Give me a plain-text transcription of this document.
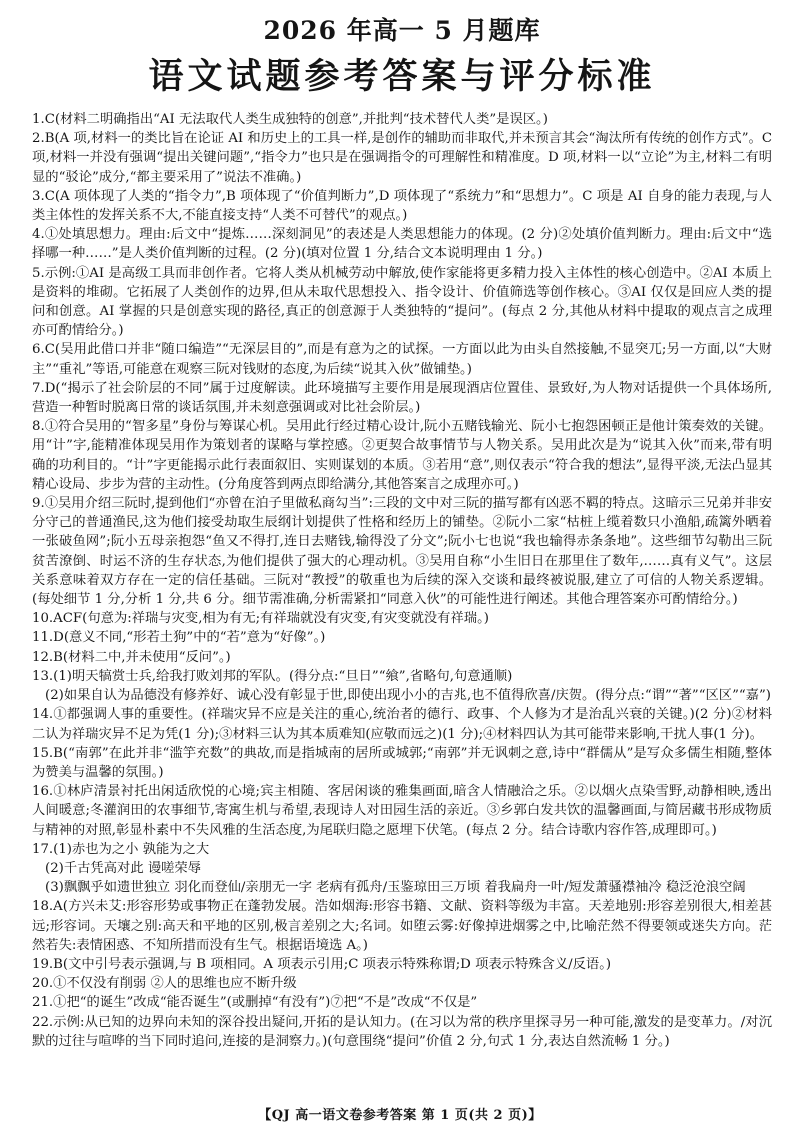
2026 年高一 5 月题库
语文试题参考答案与评分标准
1.C(材料二明确指出“AI 无法取代人类生成独特的创意”,并批判“技术替代人类”是误区。)
2.B(A 项,材料一的类比旨在论证 AI 和历史上的工具一样,是创作的辅助而非取代,并未预言其会“淘汰所有传统的创作方式”。C 项,材料一并没有强调“提出关键问题”,“指令力”也只是在强调指令的可理解性和精准度。D 项,材料一以“立论”为主,材料二有明显的“驳论”成分,“都主要采用了”说法不准确。)
3.C(A 项体现了人类的“指令力”,B 项体现了“价值判断力”,D 项体现了“系统力”和“思想力”。C 项是 AI 自身的能力表现,与人类主体性的发挥关系不大,不能直接支持“人类不可替代”的观点。)
4.①处填思想力。理由:后文中“提炼……深刻洞见”的表述是人类思想能力的体现。(2 分)②处填价值判断力。理由:后文中“选择哪一种……”是人类价值判断的过程。(2 分)(填对位置 1 分,结合文本说明理由 1 分。)
5.示例:①AI 是高级工具而非创作者。它将人类从机械劳动中解放,使作家能将更多精力投入主体性的核心创造中。②AI 本质上是资料的堆砌。它拓展了人类创作的边界,但从未取代思想投入、指令设计、价值筛选等创作核心。③AI 仅仅是回应人类的提问和创意。AI 掌握的只是创意实现的路径,真正的创意源于人类独特的“提问”。(每点 2 分,其他从材料中提取的观点言之成理亦可酌情给分。)
6.C(吴用此借口并非“随口编造”“无深层目的”,而是有意为之的试探。一方面以此为由头自然接触,不显突兀;另一方面,以“大财主”“重礼”等语,可能意在观察三阮对钱财的态度,为后续“说其入伙”做铺垫。)
7.D(“揭示了社会阶层的不同”属于过度解读。此环境描写主要作用是展现酒店位置佳、景致好,为人物对话提供一个具体场所,营造一种暂时脱离日常的谈话氛围,并未刻意强调或对比社会阶层。)
8.①符合吴用的“智多星”身份与筹谋心机。吴用此行经过精心设计,阮小五赌钱输光、阮小七抱怨困顿正是他计策奏效的关键。用“计”字,能精准体现吴用作为策划者的谋略与掌控感。②更契合故事情节与人物关系。吴用此次是为“说其入伙”而来,带有明确的功利目的。“计”字更能揭示此行表面叙旧、实则谋划的本质。③若用“意”,则仅表示“符合我的想法”,显得平淡,无法凸显其精心设局、步步为营的主动性。(分角度答到两点即给满分,其他答案言之成理亦可。)
9.①吴用介绍三阮时,提到他们“亦曾在泊子里做私商勾当”:三段的文中对三阮的描写都有凶恶不羁的特点。这暗示三兄弟并非安分守己的普通渔民,这为他们接受劫取生辰纲计划提供了性格和经历上的铺垫。②阮小二家“枯桩上缆着数只小渔船,疏篱外晒着一张破鱼网”;阮小五母亲抱怨“鱼又不得打,连日去赌钱,输得没了分文”;阮小七也说“我也输得赤条条地”。这些细节勾勒出三阮贫苦潦倒、时运不济的生存状态,为他们提供了强大的心理动机。③吴用自称“小生旧日在那里住了数年,……真有义气”。这层关系意味着双方存在一定的信任基础。三阮对“教授”的敬重也为后续的深入交谈和最终被说服,建立了可信的人物关系逻辑。(每处细节 1 分,分析 1 分,共 6 分。细节需准确,分析需紧扣“同意入伙”的可能性进行阐述。其他合理答案亦可酌情给分。)
10.ACF(句意为:祥瑞与灾变,相为有无;有祥瑞就没有灾变,有灾变就没有祥瑞。)
11.D(意义不同,“形若土狗”中的“若”意为“好像”。)
12.B(材料二中,并未使用“反问”。)
13.(1)明天犒赏士兵,给我打败刘邦的军队。(得分点:“旦日”“飨”,省略句,句意通顺)
(2)如果自认为品德没有修养好、诚心没有彰显于世,即使出现小小的吉兆,也不值得欣喜/庆贺。(得分点:“谓”“著”“区区”“嘉”)
14.①都强调人事的重要性。(祥瑞灾异不应是关注的重心,统治者的德行、政事、个人修为才是治乱兴衰的关键。)(2 分)②材料二认为祥瑞灾异不足为凭(1 分);③材料三认为其本质难知(应敬而远之)(1 分);④材料四认为其可能带来影响,干扰人事(1 分)。
15.B(“南郭”在此并非“滥竽充数”的典故,而是指城南的居所或城郭;“南郭”并无讽刺之意,诗中“群儒从”是写众多儒生相随,整体为赞美与温馨的氛围。)
16.①林庐清景衬托出闲适欣悦的心境;宾主相随、客居闲谈的雅集画面,暗含人情融洽之乐。②以烟火点染雪野,动静相映,透出人间暖意;冬灌润田的农事细节,寄寓生机与希望,表现诗人对田园生活的亲近。③乡郭白发共饮的温馨画面,与简居藏书形成物质与精神的对照,彰显朴素中不失风雅的生活态度,为尾联归隐之愿埋下伏笔。(每点 2 分。结合诗歌内容作答,成理即可。)
17.(1)赤也为之小 孰能为之大
(2)千古凭高对此 谩嗟荣辱
(3)飘飘乎如遗世独立 羽化而登仙/亲朋无一字 老病有孤舟/玉鉴琼田三万顷 着我扁舟一叶/短发萧骚襟袖冷 稳泛沧浪空阔
18.A(方兴未艾:形容形势或事物正在蓬勃发展。浩如烟海:形容书籍、文献、资料等级为丰富。天差地别:形容差别很大,相差甚远;形容词。天壤之别:高天和平地的区别,极言差别之大;名词。如堕云雾:好像掉进烟雾之中,比喻茫然不得要领或迷失方向。茫然若失:表情困惑、不知所措而没有生气。根据语境选 A。)
19.B(文中引号表示强调,与 B 项相同。A 项表示引用;C 项表示特殊称谓;D 项表示特殊含义/反语。)
20.①不仅没有削弱 ②人的思维也应不断升级
21.①把“的诞生”改成“能否诞生”(或删掉“有没有”)⑦把“不是”改成“不仅是”
22.示例:从已知的边界向未知的深谷投出疑问,开拓的是认知力。(在习以为常的秩序里探寻另一种可能,激发的是变革力。/对沉默的过往与喧哗的当下同时追问,连接的是洞察力。)(句意围绕“提问”价值 2 分,句式 1 分,表达自然流畅 1 分。)
【QJ 高一语文卷参考答案 第 1 页(共 2 页)】
